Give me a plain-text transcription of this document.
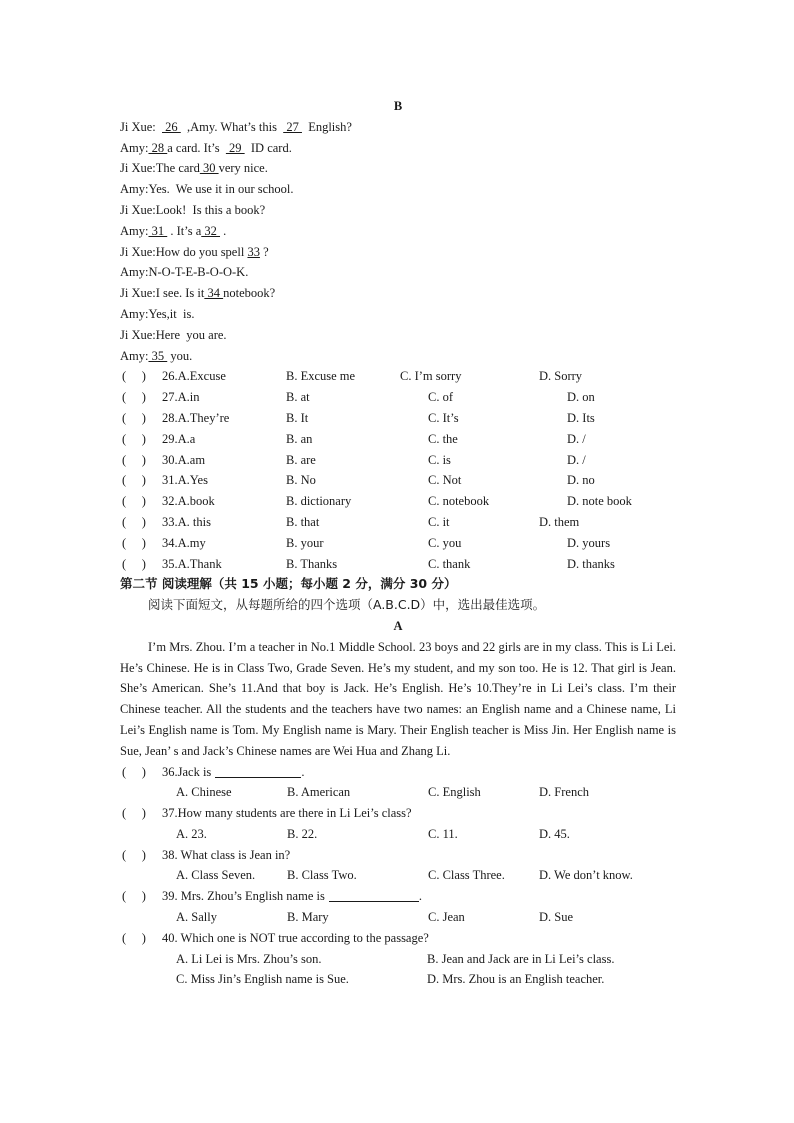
B
Ji Xue:   26   ,Amy. What’s this   27   English?
Amy: 28 a card. It’s   29   ID card.
Ji Xue:The card 30 very nice.
Amy:Yes.  We use it in our school.
Ji Xue:Look!  Is this a book?
Amy: 31  . It’s a 32  .
Ji Xue:How do you spell 33 ?
Amy:N-O-T-E-B-O-O-K.
Ji Xue:I see. Is it 34 notebook?
Amy:Yes,it  is.
Ji Xue:Here  you are.
Amy: 35  you.
(     ) 26.A.Excuse	B. Excuse me	C. I’m sorry	D. Sorry
(     ) 27.A.in	B. at	C. of	D. on
(     ) 28.A.They’re	B. It	C. It’s	D. Its
(     ) 29.A.a	B. an	C. the	D. /
(     ) 30.A.am	B. are	C. is	D. /
(     ) 31.A.Yes	B. No	C. Not	D. no
(     ) 32.A.book	B. dictionary	C. notebook	D. note book
(     ) 33.A. this	B. that	C. it	D. them
(     ) 34.A.my	B. your	C. you	D. yours
(     ) 35.A.Thank	B. Thanks	C. thank	D. thanks
第二节 阅读理解（共 15 小题；每小题 2 分，满分 30 分）
阅读下面短文，从每题所给的四个选项（A.B.C.D）中，选出最佳选项。
A

I’m Mrs. Zhou. I’m a teacher in No.1 Middle School. 23 boys and 22 girls are in my class. This is Li Lei. He’s Chinese. He is in Class Two, Grade Seven. He’s my student, and my son too. He is 12. That girl is Jean. She’s American. She’s 11.And that boy is Jack. He’s English. He’s 10.They’re in Li Lei’s class. I’m their Chinese teacher. All the students and the teachers have two names: an English name and a Chinese name, Li Lei’s English name is Tom. My English name is Mary. Their English teacher is Miss Jin. Her English name is Sue, Jean’ s and Jack’s Chinese names are Wei Hua and Zhang Li.

(     ) 36.Jack is	.
A. Chinese	B. American	C. English	D. French
(     ) 37.How many students are there in Li Lei’s class?
A. 23.	B. 22.	C. 11.	D. 45.
(     ) 38. What class is Jean in?
A. Class Seven.	B. Class Two.	C. Class Three.	D. We don’t know.
(     ) 39. Mrs. Zhou’s English name is	.
A. Sally	B. Mary	C. Jean	D. Sue
(     ) 40. Which one is NOT true according to the passage?
A. Li Lei is Mrs. Zhou’s son.	B. Jean and Jack are in Li Lei’s class.
C. Miss Jin’s English name is Sue.	D. Mrs. Zhou is an English teacher.
